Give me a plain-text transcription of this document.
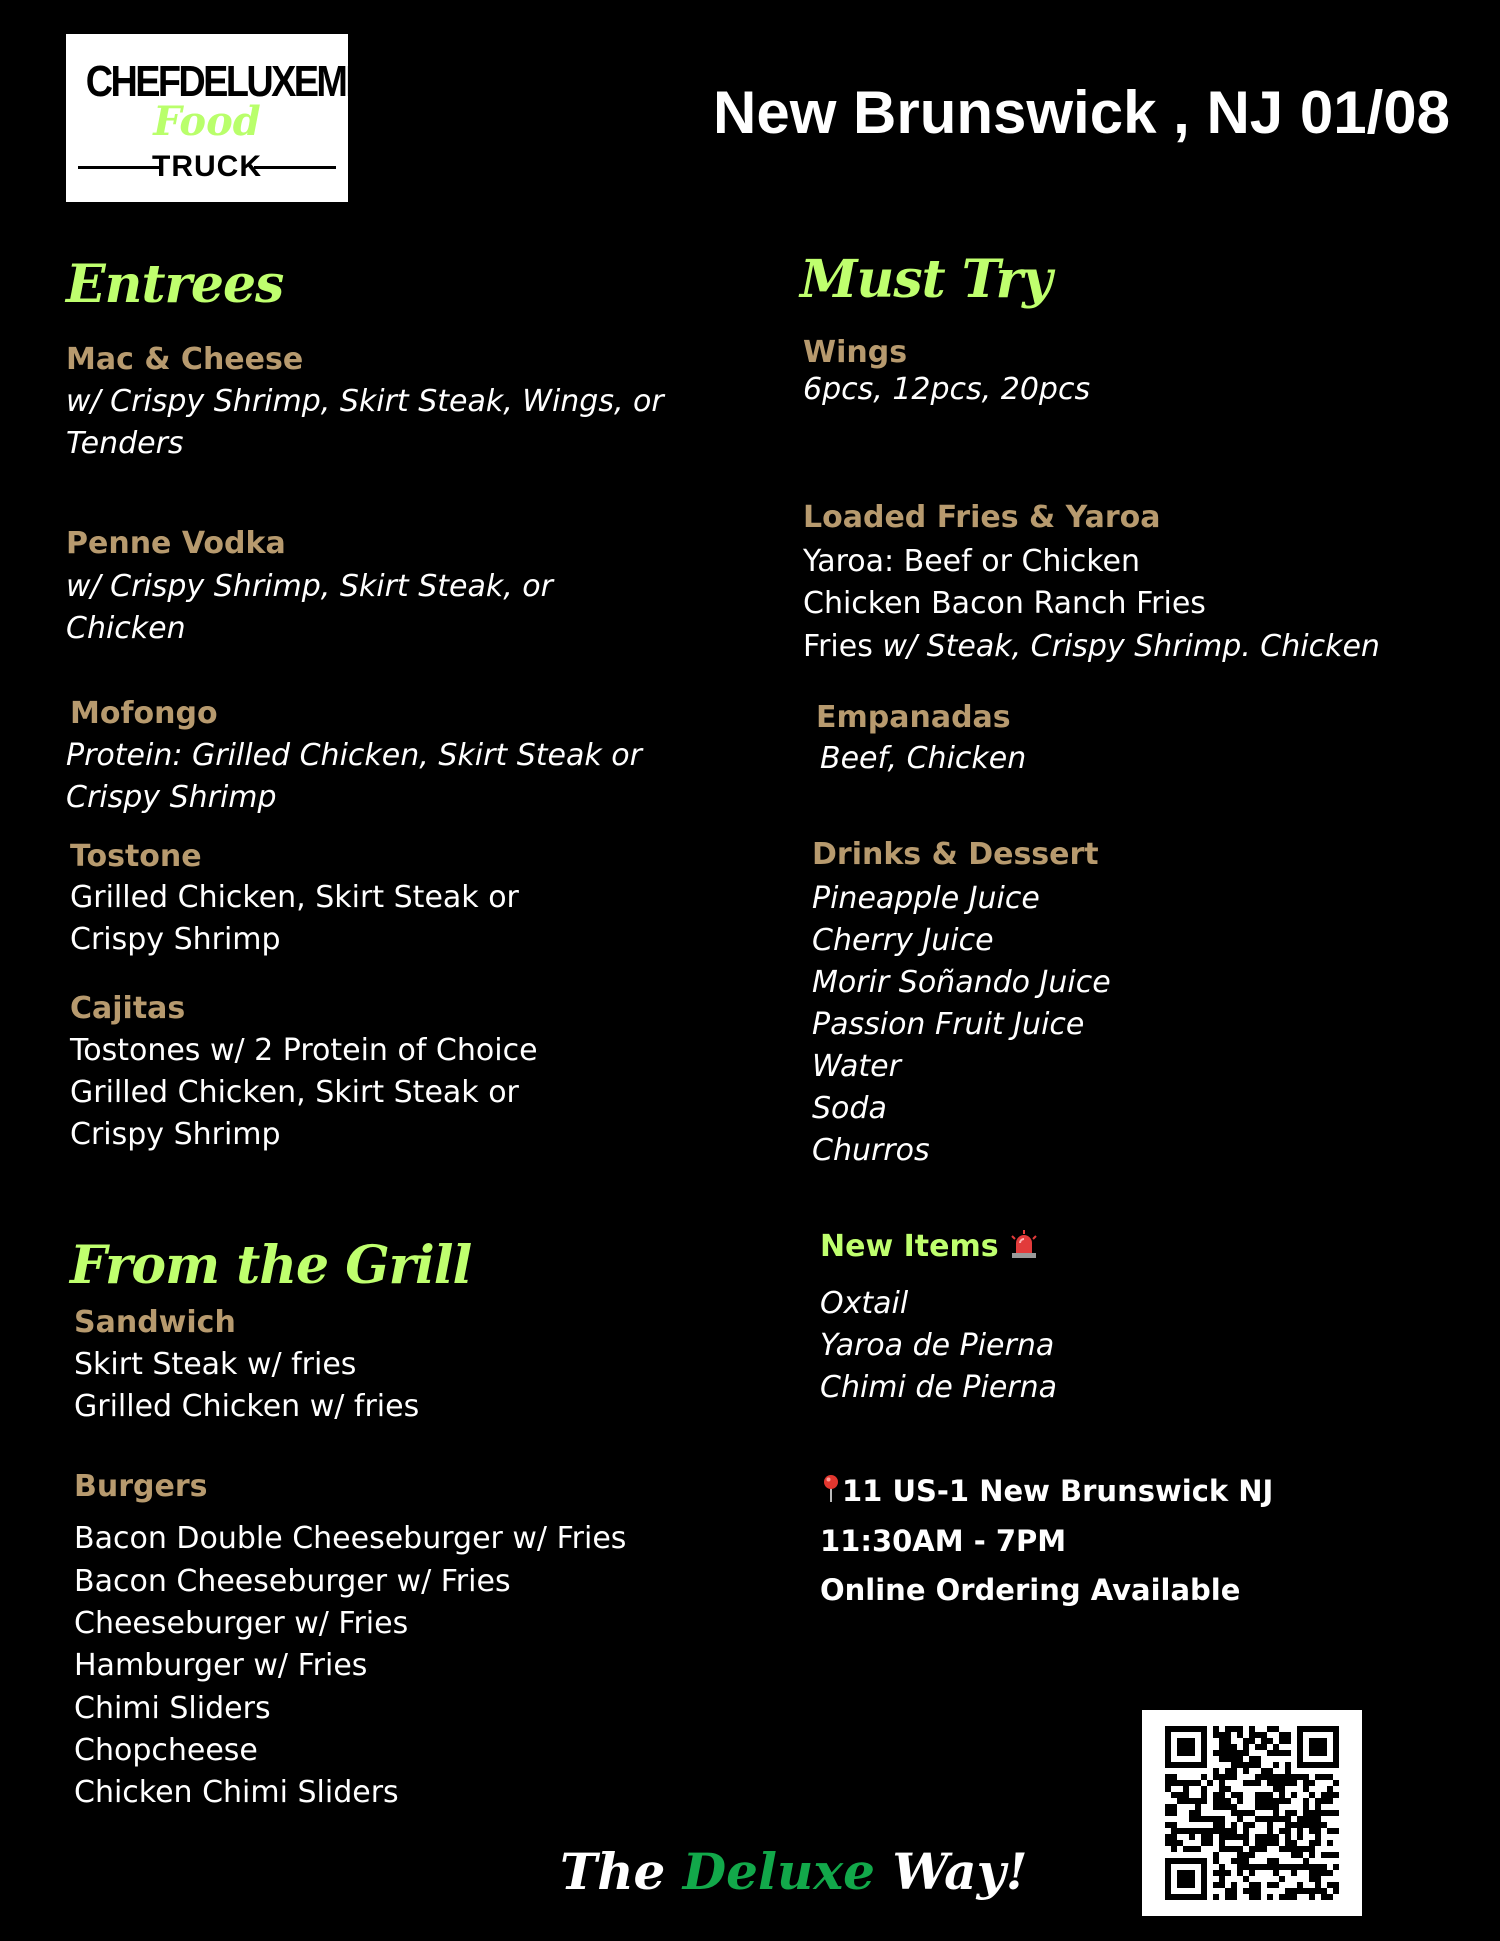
CHEFDELUXEME
Food
TRUCK
New Brunswick , NJ 01/08
Entrees
Mac & Cheese
w/ Crispy Shrimp, Skirt Steak, Wings, or
Tenders
Penne Vodka
w/ Crispy Shrimp, Skirt Steak, or
Chicken
Mofongo
Protein: Grilled Chicken, Skirt Steak or
Crispy Shrimp
Tostone
Grilled Chicken, Skirt Steak or
Crispy Shrimp
Cajitas
Tostones w/ 2 Protein of Choice
Grilled Chicken, Skirt Steak or
Crispy Shrimp
From the Grill
Sandwich
Skirt Steak w/ fries
Grilled Chicken w/ fries
Burgers
Bacon Double Cheeseburger w/ Fries
Bacon Cheeseburger w/ Fries
Cheeseburger w/ Fries
Hamburger w/ Fries
Chimi Sliders
Chopcheese
Chicken Chimi Sliders
Must Try
Wings
6pcs, 12pcs, 20pcs
Loaded Fries & Yaroa
Yaroa: Beef or Chicken
Chicken Bacon Ranch Fries
Fries w/ Steak, Crispy Shrimp. Chicken
Empanadas
Beef, Chicken
Drinks & Dessert
Pineapple Juice
Cherry Juice
Morir Soñando Juice
Passion Fruit Juice
Water
Soda
Churros
New Items
Oxtail
Yaroa de Pierna
Chimi de Pierna
11 US-1 New Brunswick NJ
11:30AM - 7PM
Online Ordering Available
The Deluxe Way!
